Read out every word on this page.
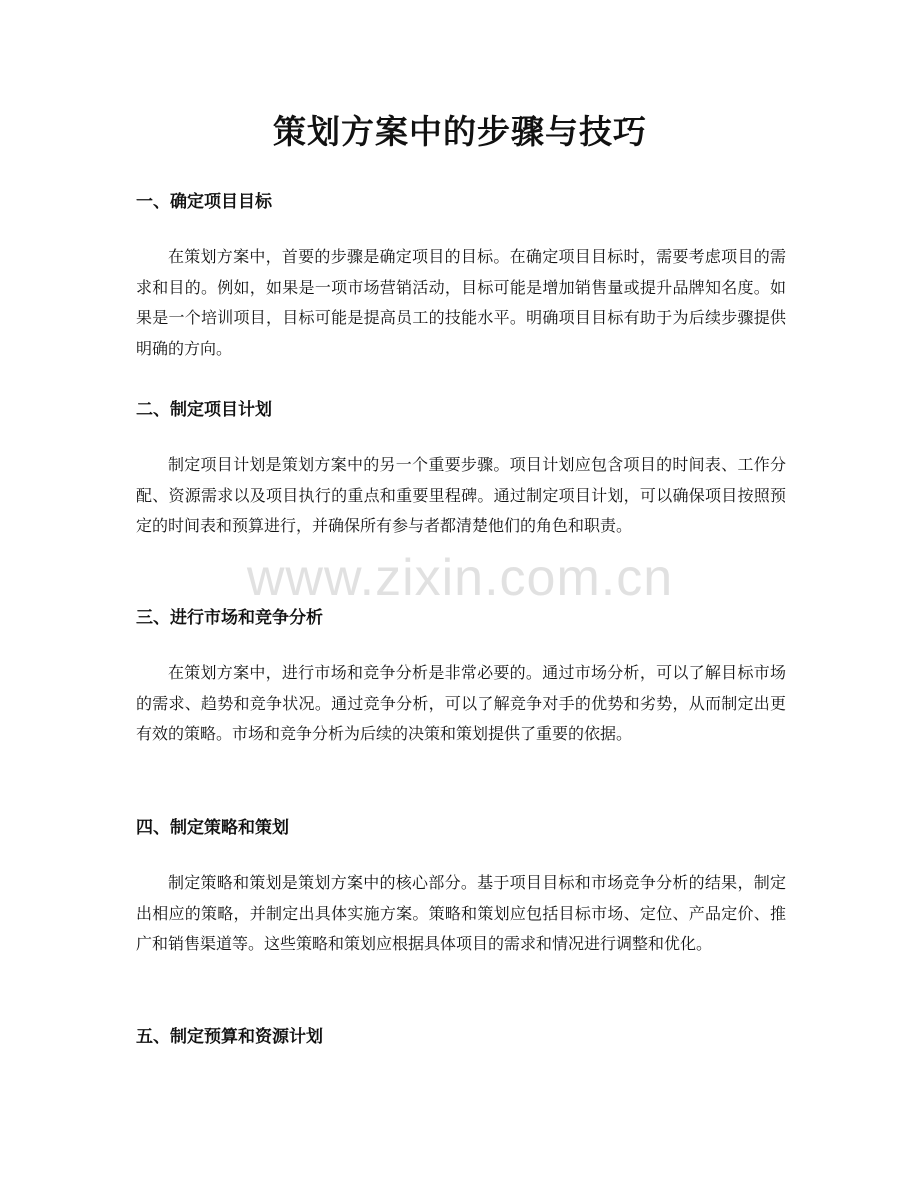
策划方案中的步骤与技巧
一、确定项目目标

在策划方案中，首要的步骤是确定项目的目标。在确定项目目标时，需要考虑项目的需求和目的。例如，如果是一项市场营销活动，目标可能是增加销售量或提升品牌知名度。如果是一个培训项目，目标可能是提高员工的技能水平。明确项目目标有助于为后续步骤提供明确的方向。

二、制定项目计划

制定项目计划是策划方案中的另一个重要步骤。项目计划应包含项目的时间表、工作分配、资源需求以及项目执行的重点和重要里程碑。通过制定项目计划，可以确保项目按照预定的时间表和预算进行，并确保所有参与者都清楚他们的角色和职责。

三、进行市场和竞争分析

在策划方案中，进行市场和竞争分析是非常必要的。通过市场分析，可以了解目标市场的需求、趋势和竞争状况。通过竞争分析，可以了解竞争对手的优势和劣势，从而制定出更有效的策略。市场和竞争分析为后续的决策和策划提供了重要的依据。

四、制定策略和策划

制定策略和策划是策划方案中的核心部分。基于项目目标和市场竞争分析的结果，制定出相应的策略，并制定出具体实施方案。策略和策划应包括目标市场、定位、产品定价、推广和销售渠道等。这些策略和策划应根据具体项目的需求和情况进行调整和优化。

五、制定预算和资源计划
www.zixin.com.cn
